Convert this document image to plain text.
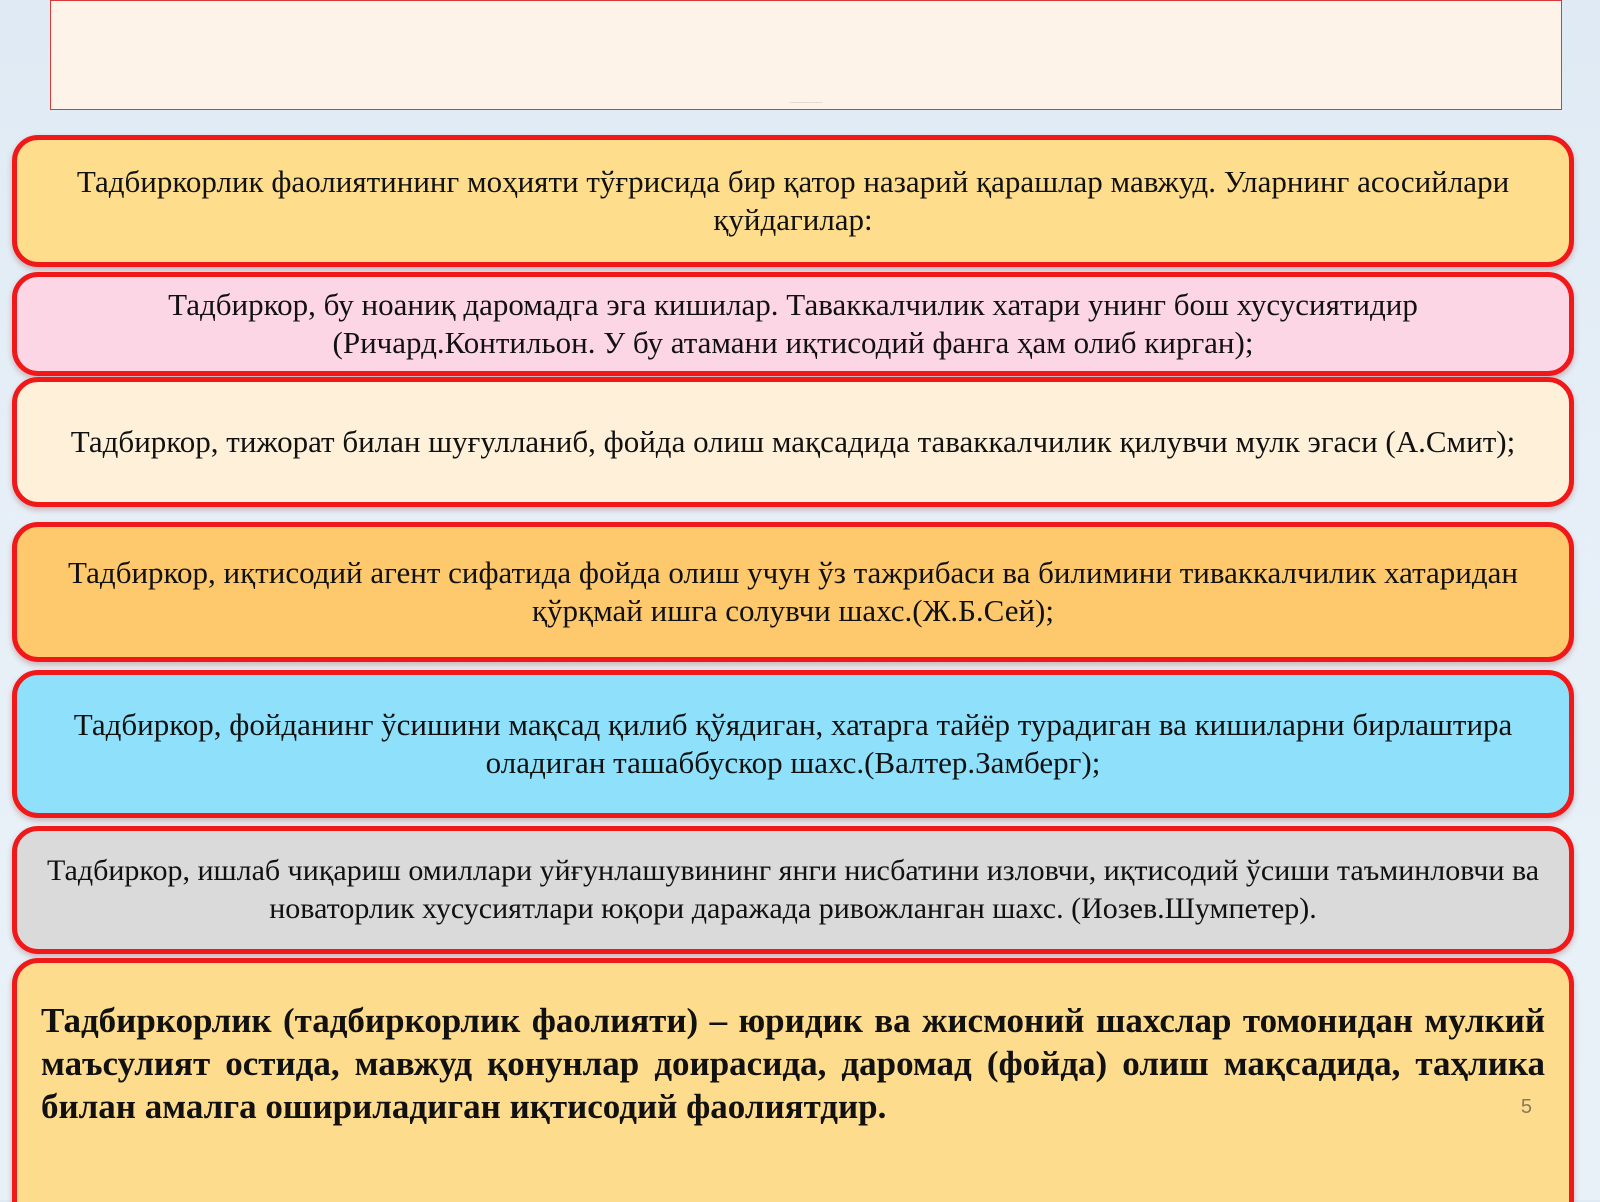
............................................
Тадбиркорлик фаолиятининг моҳияти тўғрисида бир қатор назарий қарашлар мавжуд. Уларнинг асосийлари қуйдагилар:
Тадбиркор, бу ноаниқ даромадга эга кишилар. Таваккалчилик хатари унинг бош хусусиятидир (Ричард.Контильон. У бу атамани иқтисодий фанга ҳам олиб кирган);
Тадбиркор, тижорат билан шуғулланиб, фойда олиш мақсадида таваккалчилик қилувчи мулк эгаси (А.Смит);
Тадбиркор, иқтисодий агент сифатида фойда олиш учун ўз тажрибаси ва билимини тиваккалчилик хатаридан қўрқмай ишга солувчи шахс.(Ж.Б.Сей);
Тадбиркор, фойданинг ўсишини мақсад қилиб қўядиган, хатарга тайёр турадиган ва кишиларни бирлаштира оладиган ташаббускор шахс.(Валтер.Замберг);
Тадбиркор, ишлаб чиқариш омиллари уйғунлашувининг янги нисбатини изловчи, иқтисодий ўсиши таъминловчи ва новаторлик хусусиятлари юқори даражада ривожланган шахс. (Иозев.Шумпетер).
Тадбиркорлик (тадбиркорлик фаолияти) – юридик ва жисмоний шахслар томонидан мулкий маъсулият остида, мавжуд қонунлар доирасида, даромад (фойда) олиш мақсадида, таҳлика билан амалга ошириладиган иқтисодий фаолиятдир.	5
